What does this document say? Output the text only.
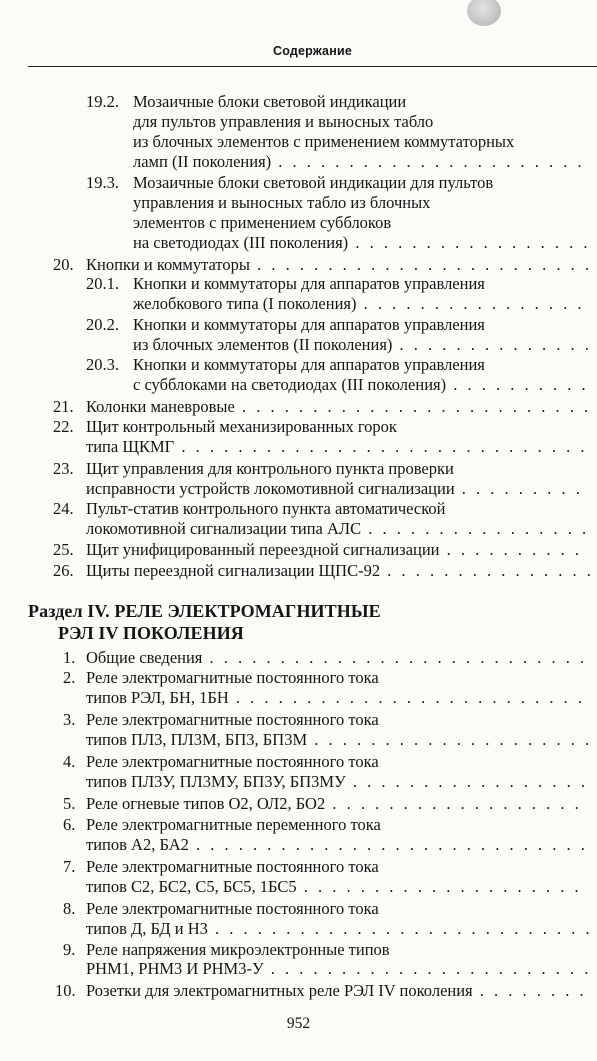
Содержание
19.2. Мозаичные блоки световой индикации
для пультов управления и выносных табло
из блочных элементов с применением коммутаторных
ламп (II поколения) . . .
19.3. Мозаичные блоки световой индикации для пультов
управления и выносных табло из блочных
элементов с применением субблоков
на светодиодах (III поколения) . . .
20. Кнопки и коммутаторы . . .
20.1. Кнопки и коммутаторы для аппаратов управления
желобкового типа (I поколения) . . .
20.2. Кнопки и коммутаторы для аппаратов управления
из блочных элементов (II поколения) . . .
20.3. Кнопки и коммутаторы для аппаратов управления
с субблоками на светодиодах (III поколения) . . .
21. Колонки маневровые . . .
22. Щит контрольный механизированных горок
типа ЩКМГ . . .
23. Щит управления для контрольного пункта проверки
исправности устройств локомотивной сигнализации . . .
24. Пульт-статив контрольного пункта автоматической
локомотивной сигнализации типа АЛС . . .
25. Щит унифицированный переездной сигнализации . . .
26. Щиты переездной сигнализации ЩПС-92 . . .
Раздел IV. РЕЛЕ ЭЛЕКТРОМАГНИТНЫЕ
РЭЛ IV ПОКОЛЕНИЯ
1. Общие сведения . . .
2. Реле электромагнитные постоянного тока
типов РЭЛ, БН, 1БН . . .
3. Реле электромагнитные постоянного тока
типов ПЛ3, ПЛ3М, БП3, БП3М . . .
4. Реле электромагнитные постоянного тока
типов ПЛ3У, ПЛ3МУ, БП3У, БП3МУ . . .
5. Реле огневые типов О2, ОЛ2, БО2 . . .
6. Реле электромагнитные переменного тока
типов А2, БА2 . . .
7. Реле электромагнитные постоянного тока
типов С2, БС2, С5, БС5, 1БС5 . . .
8. Реле электромагнитные постоянного тока
типов Д, БД и Н3 . . .
9. Реле напряжения микроэлектронные типов
РНМ1, РНМ3 И РНМ3-У . . .
10. Розетки для электромагнитных реле РЭЛ IV поколения . . .
952
